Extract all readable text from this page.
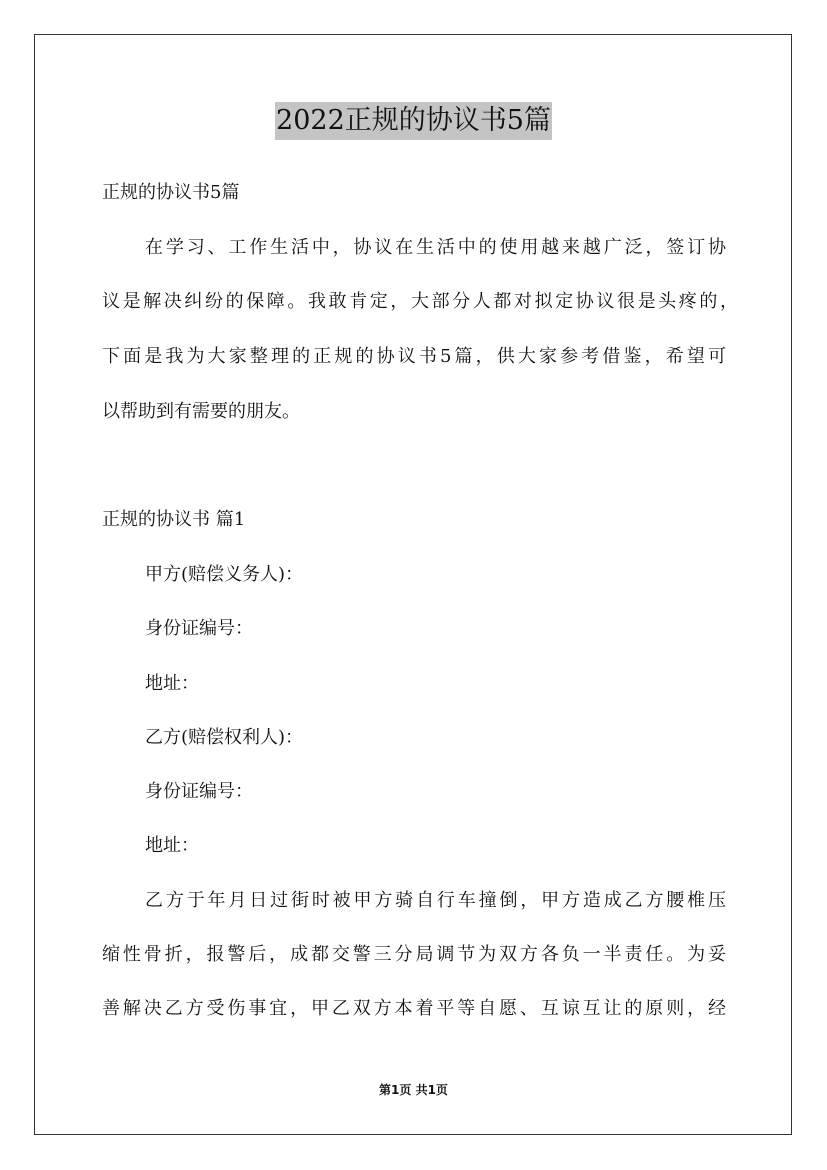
2022正规的协议书5篇
正规的协议书5篇
在学习、工作生活中，协议在生活中的使用越来越广泛，签订协
议是解决纠纷的保障。我敢肯定，大部分人都对拟定协议很是头疼的，
下面是我为大家整理的正规的协议书5篇，供大家参考借鉴，希望可
以帮助到有需要的朋友。
正规的协议书 篇1
甲方(赔偿义务人)：
身份证编号：
地址：
乙方(赔偿权利人)：
身份证编号：
地址：
乙方于年月日过街时被甲方骑自行车撞倒，甲方造成乙方腰椎压
缩性骨折，报警后，成都交警三分局调节为双方各负一半责任。为妥
善解决乙方受伤事宜，甲乙双方本着平等自愿、互谅互让的原则，经
第1页 共1页
